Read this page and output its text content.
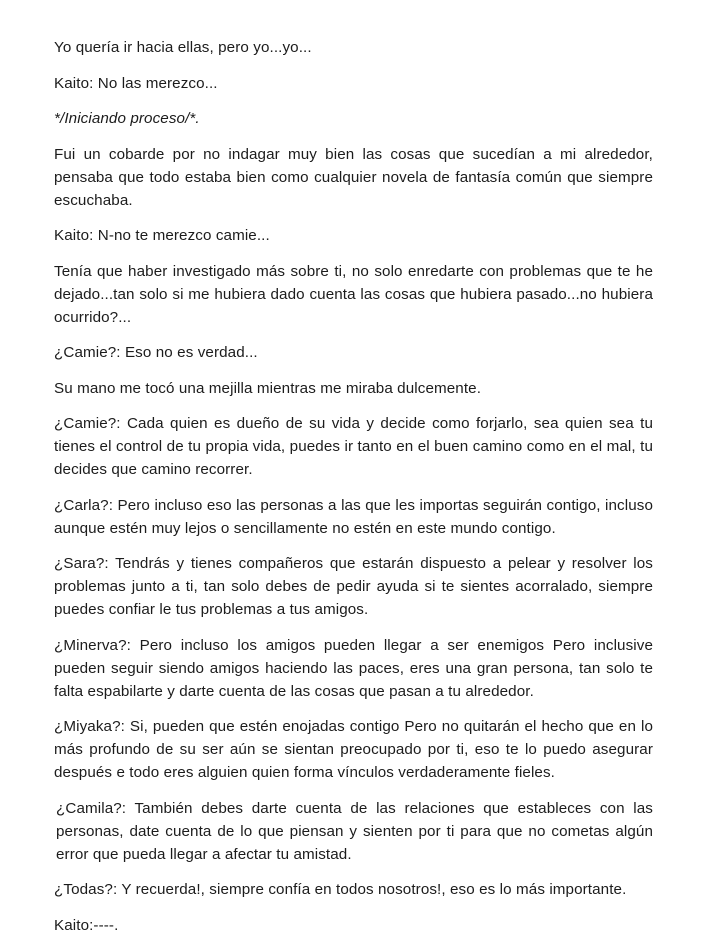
Yo quería ir hacia ellas, pero yo...yo...

Kaito: No las merezco...

*/Iniciando proceso/*.

Fui un cobarde por no indagar muy bien las cosas que sucedían a mi alrededor, pensaba que todo estaba bien como cualquier novela de fantasía común que siempre escuchaba.

Kaito: N-no te merezco camie...

Tenía que haber investigado más sobre ti, no solo enredarte con problemas que te he dejado...tan solo si me hubiera dado cuenta las cosas que hubiera pasado...no hubiera ocurrido?...

¿Camie?: Eso no es verdad...

Su mano me tocó una mejilla mientras me miraba dulcemente.

¿Camie?: Cada quien es dueño de su vida y decide como forjarlo, sea quien sea tu tienes el control de tu propia vida, puedes ir tanto en el buen camino como en el mal, tu decides que camino recorrer.

¿Carla?: Pero incluso eso las personas a las que les importas seguirán contigo, incluso aunque estén muy lejos o sencillamente no estén en este mundo contigo.

¿Sara?: Tendrás y tienes compañeros que estarán dispuesto a pelear y resolver los problemas junto a ti, tan solo debes de pedir ayuda si te sientes acorralado, siempre puedes confiar le tus problemas a tus amigos.

¿Minerva?: Pero incluso los amigos pueden llegar a ser enemigos Pero inclusive pueden seguir siendo amigos haciendo las paces, eres una gran persona, tan solo te falta espabilarte y darte cuenta de las cosas que pasan a tu alrededor.

¿Miyaka?: Si, pueden que estén enojadas contigo Pero no quitarán el hecho que en lo más profundo de su ser aún se sientan preocupado por ti, eso te lo puedo asegurar después e todo eres alguien quien forma vínculos verdaderamente fieles.

¿Camila?: También debes darte cuenta de las relaciones que estableces con las personas, date cuenta de lo que piensan y sienten por ti para que no cometas algún error que pueda llegar a afectar tu amistad.

¿Todas?: Y recuerda!, siempre confía en todos nosotros!, eso es lo más importante.

Kaito:----.
